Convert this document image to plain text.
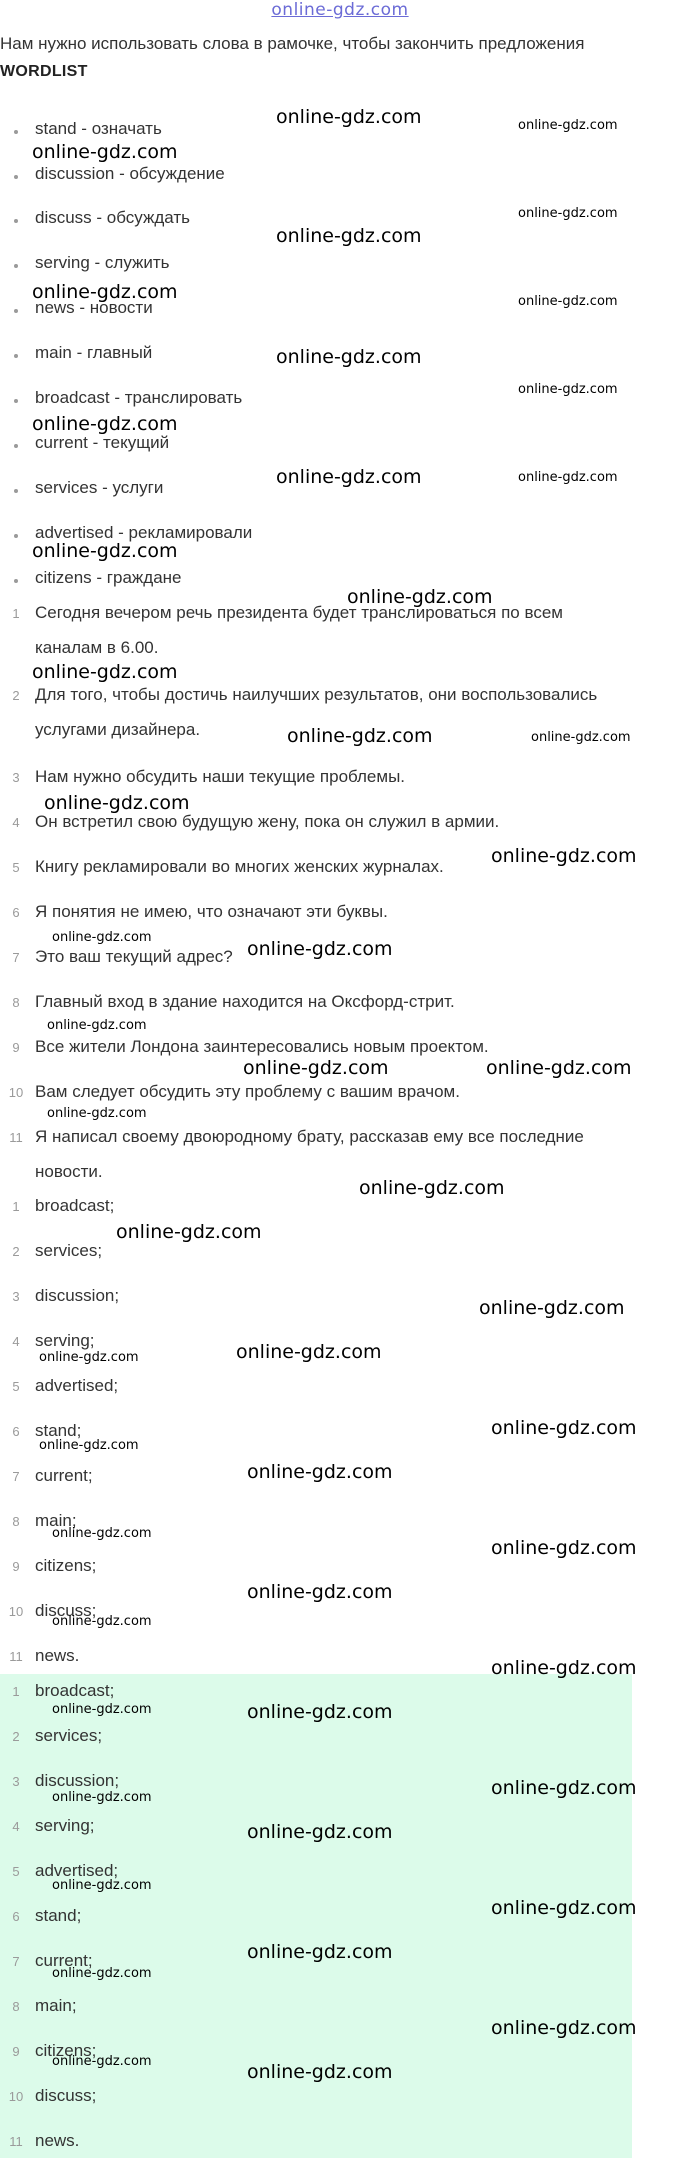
online-gdz.com
Нам нужно использовать слова в рамочке, чтобы закончить предложения
WORDLIST
stand - означать
discussion - обсуждение
discuss - обсуждать
serving - служить
news - новости
main - главный
broadcast - транслировать
current - текущий
services - услуги
advertised - рекламировали
citizens - граждане
1 Сегодня вечером речь президента будет транслироваться по всем
каналам в 6.00.
2 Для того, чтобы достичь наилучших результатов, они воспользовались
услугами дизайнера.
3 Нам нужно обсудить наши текущие проблемы.
4 Он встретил свою будущую жену, пока он служил в армии.
5 Книгу рекламировали во многих женских журналах.
6 Я понятия не имею, что означают эти буквы.
7 Это ваш текущий адрес?
8 Главный вход в здание находится на Оксфорд-стрит.
9 Все жители Лондона заинтересовались новым проектом.
10 Вам следует обсудить эту проблему с вашим врачом.
11 Я написал своему двоюродному брату, рассказав ему все последние
новости.
1 broadcast;
2 services;
3 discussion;
4 serving;
5 advertised;
6 stand;
7 current;
8 main;
9 citizens;
10 discuss;
11 news.
1 broadcast;
2 services;
3 discussion;
4 serving;
5 advertised;
6 stand;
7 current;
8 main;
9 citizens;
10 discuss;
11 news.
online-gdz.com	online-gdz.com
online-gdz.com
online-gdz.com
online-gdz.com
online-gdz.com	online-gdz.com
online-gdz.com
online-gdz.com
online-gdz.com
online-gdz.com	online-gdz.com
online-gdz.com
online-gdz.com
online-gdz.com
online-gdz.com	online-gdz.com
online-gdz.com
online-gdz.com
online-gdz.com
online-gdz.com
online-gdz.com
online-gdz.com	online-gdz.com
online-gdz.com
online-gdz.com
online-gdz.com
online-gdz.com
online-gdz.com
online-gdz.com
online-gdz.com
online-gdz.com
online-gdz.com
online-gdz.com
online-gdz.com
online-gdz.com
online-gdz.com
online-gdz.com
online-gdz.com
online-gdz.com
online-gdz.com
online-gdz.com
online-gdz.com
online-gdz.com
online-gdz.com
online-gdz.com
online-gdz.com
online-gdz.com
online-gdz.com	online-gdz.com
